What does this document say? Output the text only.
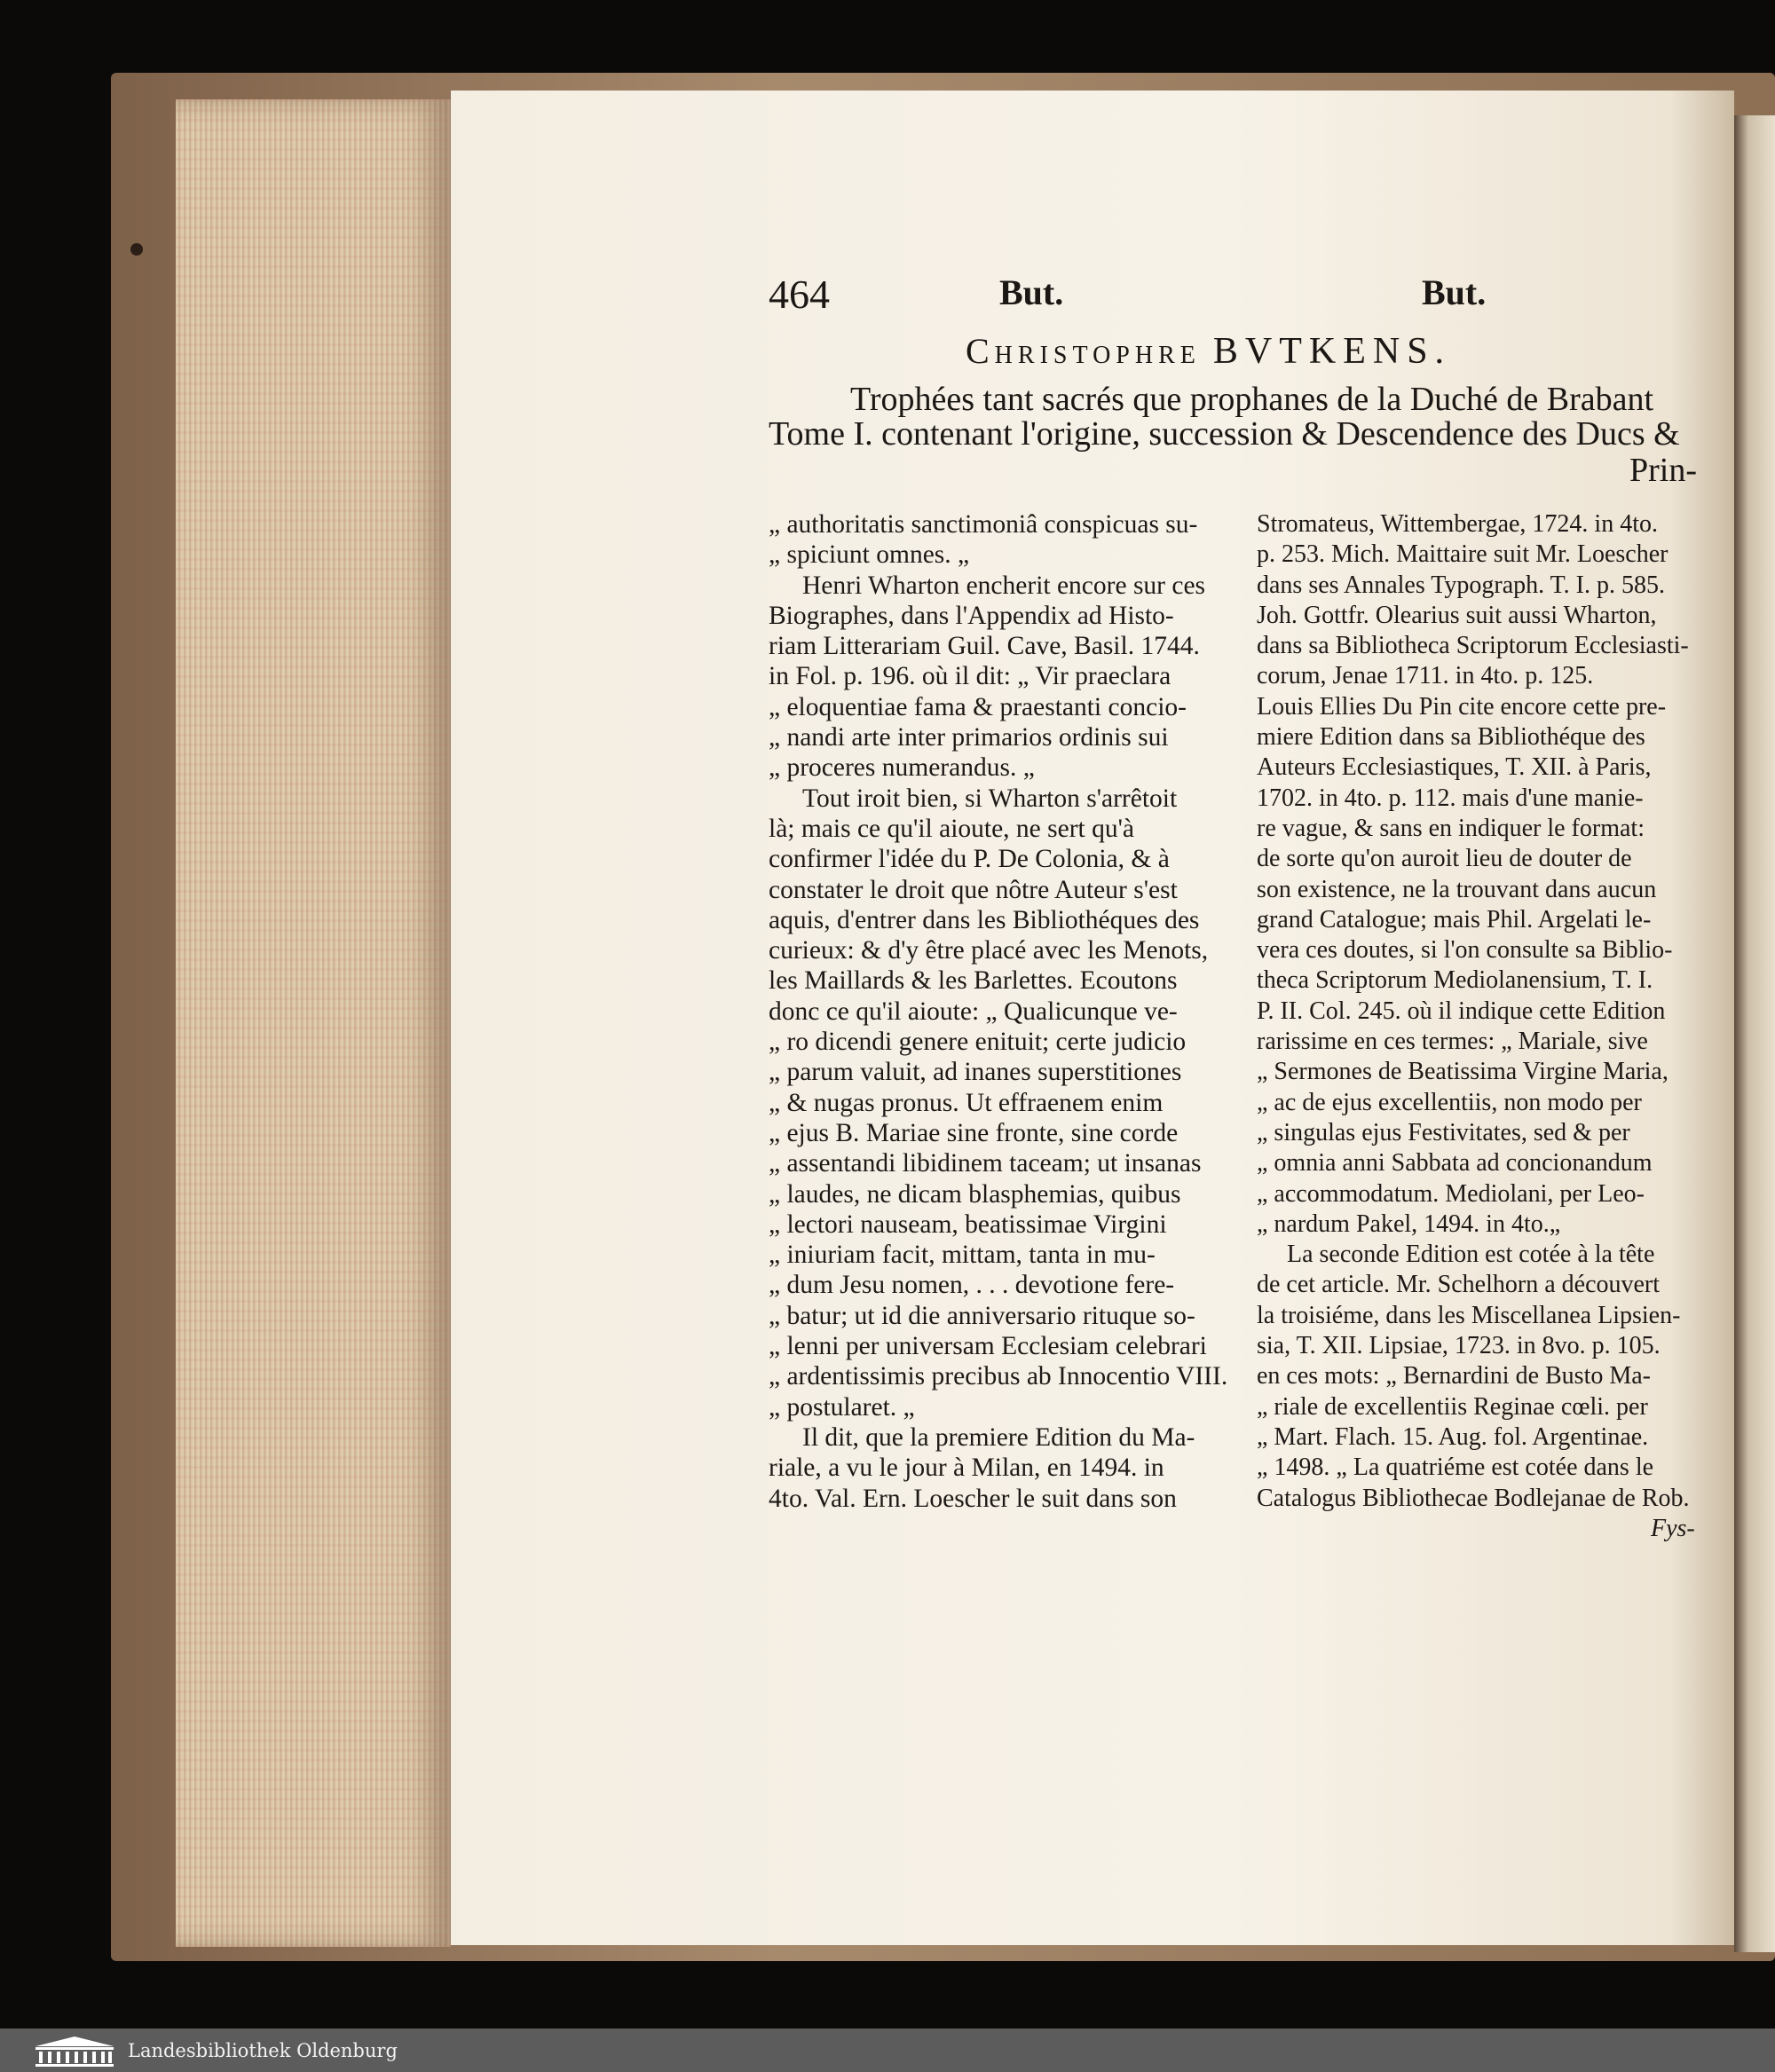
464	But.	But.
Christophre BVTKENS.
Trophées tant sacrés que prophanes de la Duché de Brabant
Tome I. contenant l'origine, succession & Descendence des Ducs &
Prin-
„ authoritatis sanctimoniâ conspicuas su-
„ spiciunt omnes. „
Henri Wharton encherit encore sur ces
Biographes, dans l'Appendix ad Histo-
riam Litterariam Guil. Cave, Basil. 1744.
in Fol. p. 196. où il dit: „ Vir praeclara
„ eloquentiae fama & praestanti concio-
„ nandi arte inter primarios ordinis sui
„ proceres numerandus. „
Tout iroit bien, si Wharton s'arrêtoit
là; mais ce qu'il aioute, ne sert qu'à
confirmer l'idée du P. De Colonia, & à
constater le droit que nôtre Auteur s'est
aquis, d'entrer dans les Bibliothéques des
curieux: & d'y être placé avec les Menots,
les Maillards & les Barlettes. Ecoutons
donc ce qu'il aioute: „ Qualicunque ve-
„ ro dicendi genere enituit; certe judicio
„ parum valuit, ad inanes superstitiones
„ & nugas pronus. Ut effraenem enim
„ ejus B. Mariae sine fronte, sine corde
„ assentandi libidinem taceam; ut insanas
„ laudes, ne dicam blasphemias, quibus
„ lectori nauseam, beatissimae Virgini
„ iniuriam facit, mittam, tanta in mu-
„ dum Jesu nomen, . . . devotione fere-
„ batur; ut id die anniversario rituque so-
„ lenni per universam Ecclesiam celebrari
„ ardentissimis precibus ab Innocentio VIII.
„ postularet. „
Il dit, que la premiere Edition du Ma-
riale, a vu le jour à Milan, en 1494. in
4to. Val. Ern. Loescher le suit dans son
Stromateus, Wittembergae, 1724. in 4to.
p. 253. Mich. Maittaire suit Mr. Loescher
dans ses Annales Typograph. T. I. p. 585.
Joh. Gottfr. Olearius suit aussi Wharton,
dans sa Bibliotheca Scriptorum Ecclesiasti-
corum, Jenae 1711. in 4to. p. 125.
Louis Ellies Du Pin cite encore cette pre-
miere Edition dans sa Bibliothéque des
Auteurs Ecclesiastiques, T. XII. à Paris,
1702. in 4to. p. 112. mais d'une manie-
re vague, & sans en indiquer le format:
de sorte qu'on auroit lieu de douter de
son existence, ne la trouvant dans aucun
grand Catalogue; mais Phil. Argelati le-
vera ces doutes, si l'on consulte sa Biblio-
theca Scriptorum Mediolanensium, T. I.
P. II. Col. 245. où il indique cette Edition
rarissime en ces termes: „ Mariale, sive
„ Sermones de Beatissima Virgine Maria,
„ ac de ejus excellentiis, non modo per
„ singulas ejus Festivitates, sed & per
„ omnia anni Sabbata ad concionandum
„ accommodatum. Mediolani, per Leo-
„ nardum Pakel, 1494. in 4to.„
La seconde Edition est cotée à la tête
de cet article. Mr. Schelhorn a découvert
la troisiéme, dans les Miscellanea Lipsien-
sia, T. XII. Lipsiae, 1723. in 8vo. p. 105.
en ces mots: „ Bernardini de Busto Ma-
„ riale de excellentiis Reginae cœli. per
„ Mart. Flach. 15. Aug. fol. Argentinae.
„ 1498. „ La quatriéme est cotée dans le
Catalogus Bibliothecae Bodlejanae de Rob.
Fys-
Landesbibliothek Oldenburg
